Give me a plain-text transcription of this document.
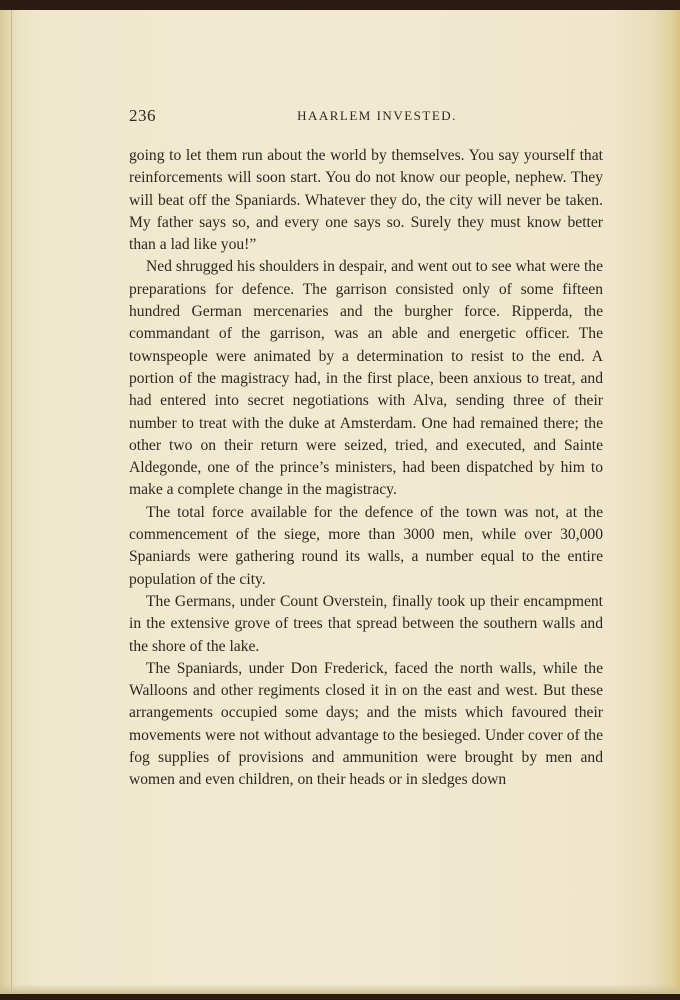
236	HAARLEM INVESTED.

going to let them run about the world by themselves. You say yourself that reinforcements will soon start. You do not know our people, nephew. They will beat off the Spaniards. Whatever they do, the city will never be taken. My father says so, and every one says so. Surely they must know better than a lad like you!”

Ned shrugged his shoulders in despair, and went out to see what were the preparations for defence. The garrison consisted only of some fifteen hundred German mercenaries and the burgher force. Ripperda, the commandant of the garrison, was an able and energetic officer. The townspeople were animated by a determination to resist to the end. A portion of the magistracy had, in the first place, been anxious to treat, and had entered into secret negotiations with Alva, sending three of their number to treat with the duke at Amsterdam. One had remained there; the other two on their return were seized, tried, and executed, and Sainte Aldegonde, one of the prince’s ministers, had been dispatched by him to make a complete change in the magistracy.

The total force available for the defence of the town was not, at the commencement of the siege, more than 3000 men, while over 30,000 Spaniards were gathering round its walls, a number equal to the entire population of the city.

The Germans, under Count Overstein, finally took up their encampment in the extensive grove of trees that spread between the southern walls and the shore of the lake.

The Spaniards, under Don Frederick, faced the north walls, while the Walloons and other regiments closed it in on the east and west. But these arrangements occupied some days; and the mists which favoured their movements were not without advantage to the besieged. Under cover of the fog supplies of provisions and ammunition were brought by men and women and even children, on their heads or in sledges down
